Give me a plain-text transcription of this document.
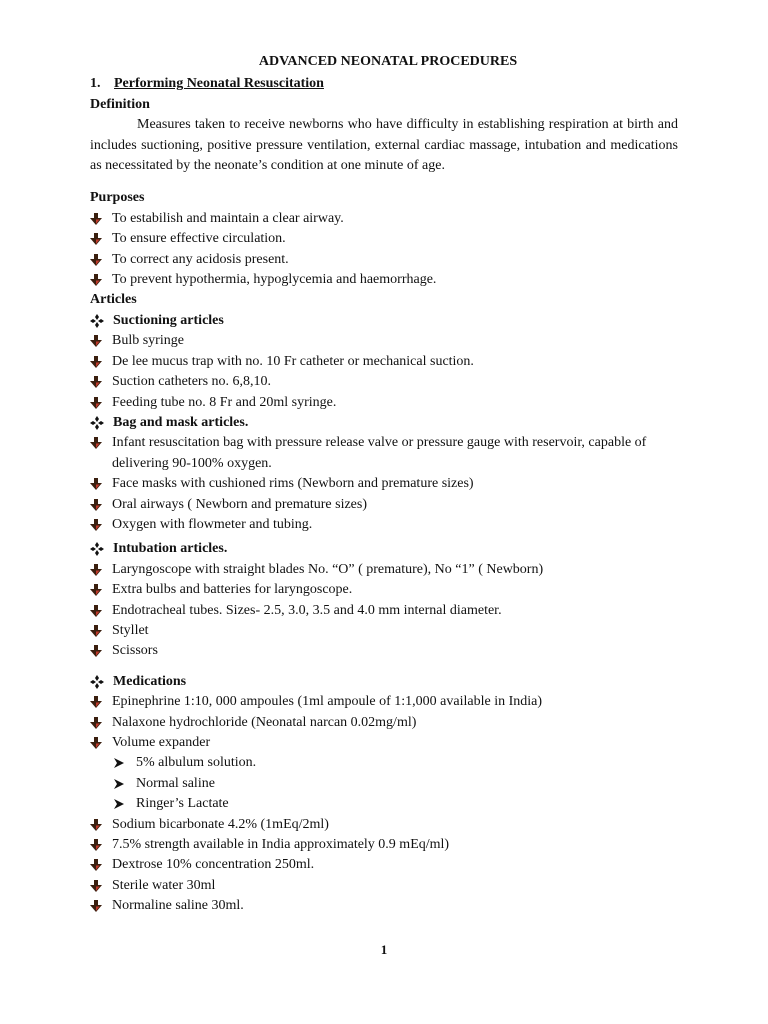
ADVANCED NEONATAL PROCEDURES
1. Performing Neonatal Resuscitation
Definition

Measures taken to receive newborns who have difficulty in establishing respiration at birth and includes suctioning, positive pressure ventilation, external cardiac massage, intubation and medications as necessitated by the neonate’s condition at one minute of age.

Purposes
To estabilish and maintain a clear airway.
To ensure effective circulation.
To correct any acidosis present.
To prevent hypothermia, hypoglycemia and haemorrhage.
Articles
Suctioning articles
Bulb syringe
De lee mucus trap with no. 10 Fr catheter or mechanical suction.
Suction catheters no. 6,8,10.
Feeding tube no. 8 Fr and 20ml syringe.
Bag and mask articles.
Infant resuscitation bag with pressure release valve or pressure gauge with reservoir, capable of delivering 90-100% oxygen.
Face masks with cushioned rims (Newborn and premature sizes)
Oral airways ( Newborn and premature sizes)
Oxygen with flowmeter and tubing.
Intubation articles.
Laryngoscope with straight blades No. “O” ( premature), No “1” ( Newborn)
Extra bulbs and batteries for laryngoscope.
Endotracheal tubes. Sizes- 2.5, 3.0, 3.5 and 4.0 mm internal diameter.
Styllet
Scissors
Medications
Epinephrine 1:10, 000 ampoules (1ml ampoule of 1:1,000 available in India)
Nalaxone hydrochloride (Neonatal narcan 0.02mg/ml)
Volume expander
5% albulum solution.
Normal saline
Ringer’s Lactate
Sodium bicarbonate 4.2% (1mEq/2ml)
7.5% strength available in India approximately 0.9 mEq/ml)
Dextrose 10% concentration 250ml.
Sterile water 30ml
Normaline saline 30ml.
1
